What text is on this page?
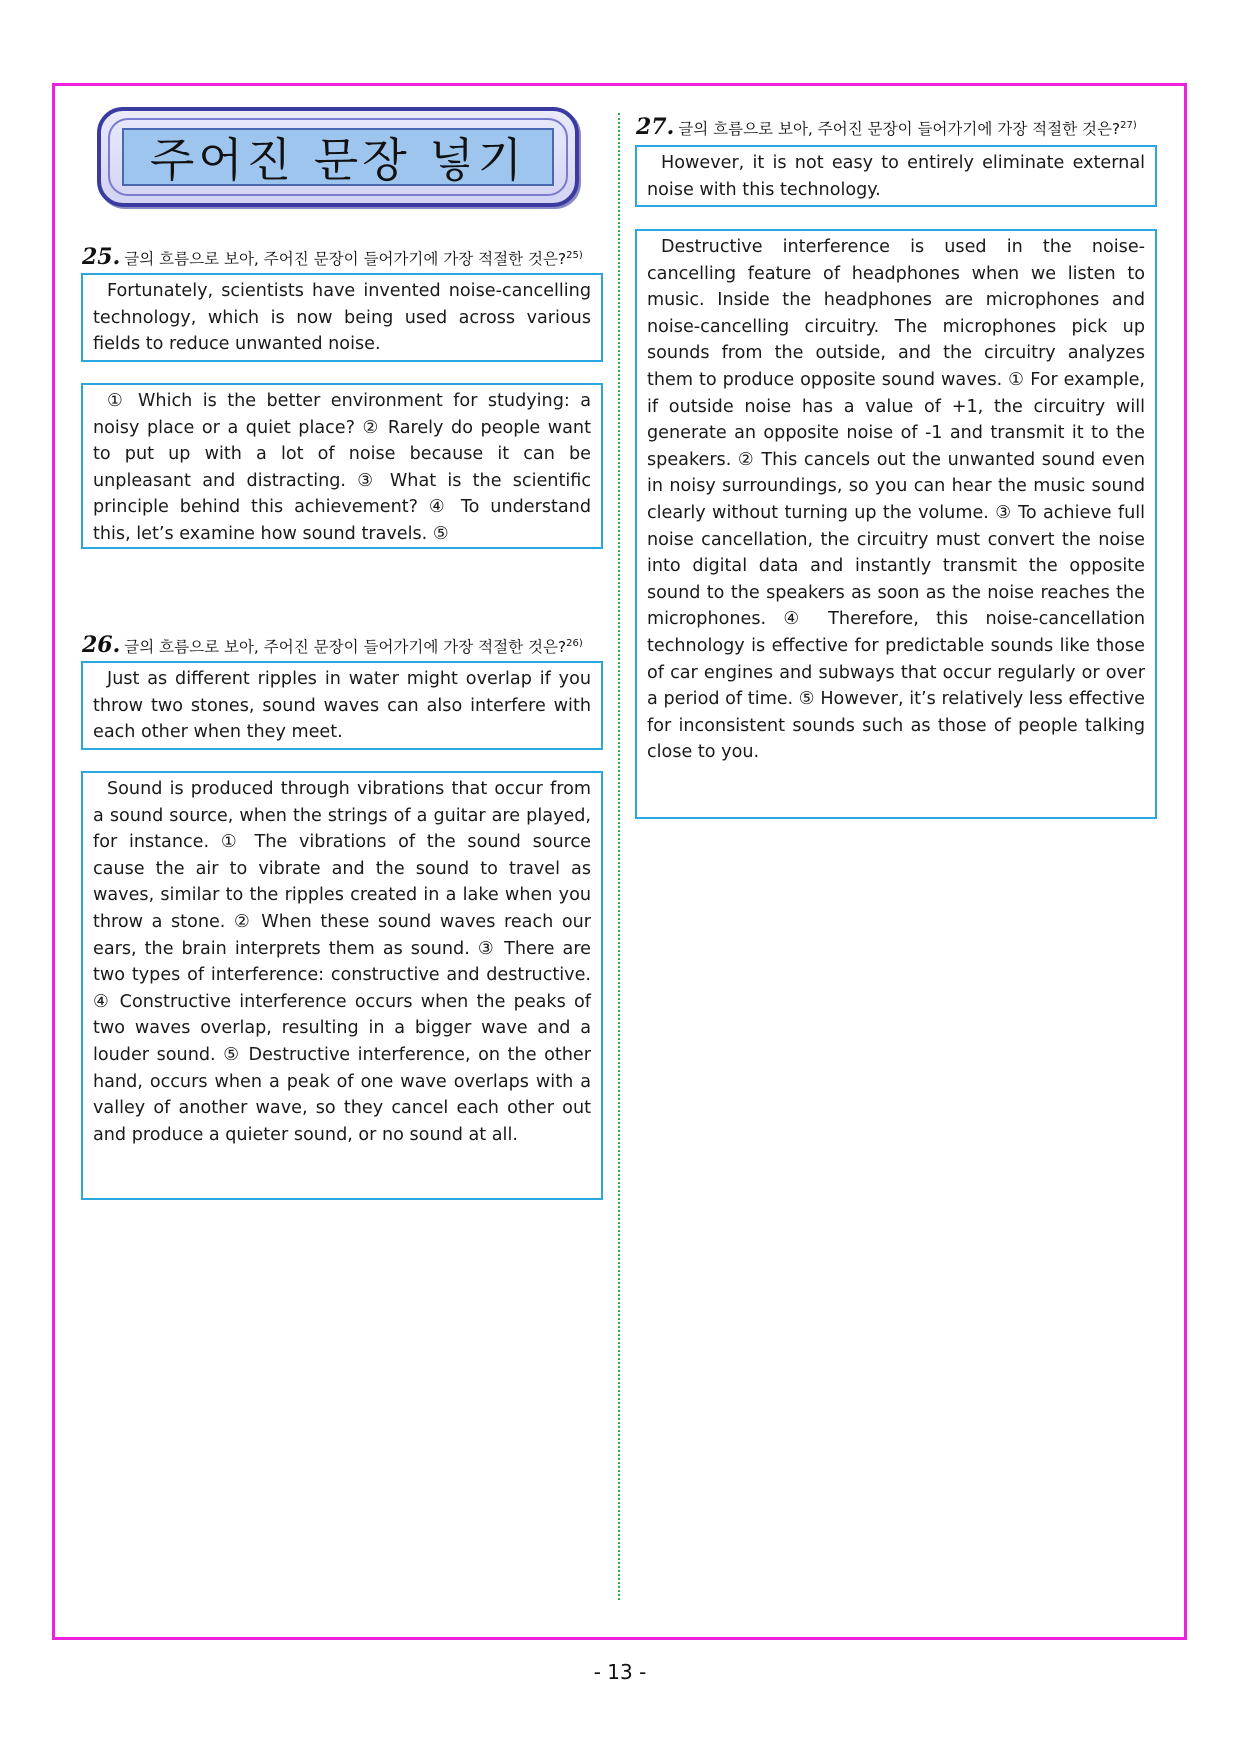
주어진 문장 넣기
25. 글의 흐름으로 보아, 주어진 문장이 들어가기에 가장 적절한 것은?$^{25)}$

Fortunately, scientists have invented noise-cancelling technology, which is now being used across various fields to reduce unwanted noise.

① Which is the better environment for studying: a noisy place or a quiet place? ② Rarely do people want to put up with a lot of noise because it can be unpleasant and distracting. ③ What is the scientific principle behind this achievement? ④ To understand this, let’s examine how sound travels. ⑤

26. 글의 흐름으로 보아, 주어진 문장이 들어가기에 가장 적절한 것은?$^{26)}$

Just as different ripples in water might overlap if you throw two stones, sound waves can also interfere with each other when they meet.

Sound is produced through vibrations that occur from a sound source, when the strings of a guitar are played, for instance. ① The vibrations of the sound source cause the air to vibrate and the sound to travel as waves, similar to the ripples created in a lake when you throw a stone. ② When these sound waves reach our ears, the brain interprets them as sound. ③ There are two types of interference: constructive and destructive. ④ Constructive interference occurs when the peaks of two waves overlap, resulting in a bigger wave and a louder sound. ⑤ Destructive interference, on the other hand, occurs when a peak of one wave overlaps with a valley of another wave, so they cancel each other out and produce a quieter sound, or no sound at all.

27. 글의 흐름으로 보아, 주어진 문장이 들어가기에 가장 적절한 것은?$^{27)}$

However, it is not easy to entirely eliminate external noise with this technology.

Destructive interference is used in the noise-cancelling feature of headphones when we listen to music. Inside the headphones are microphones and noise-cancelling circuitry. The microphones pick up sounds from the outside, and the circuitry analyzes them to produce opposite sound waves. ① For example, if outside noise has a value of +1, the circuitry will generate an opposite noise of -1 and transmit it to the speakers. ② This cancels out the unwanted sound even in noisy surroundings, so you can hear the music sound clearly without turning up the volume. ③ To achieve full noise cancellation, the circuitry must convert the noise into digital data and instantly transmit the opposite sound to the speakers as soon as the noise reaches the microphones. ④ Therefore, this noise-cancellation technology is effective for predictable sounds like those of car engines and subways that occur regularly or over a period of time. ⑤ However, it’s relatively less effective for inconsistent sounds such as those of people talking close to you.

- 13 -
